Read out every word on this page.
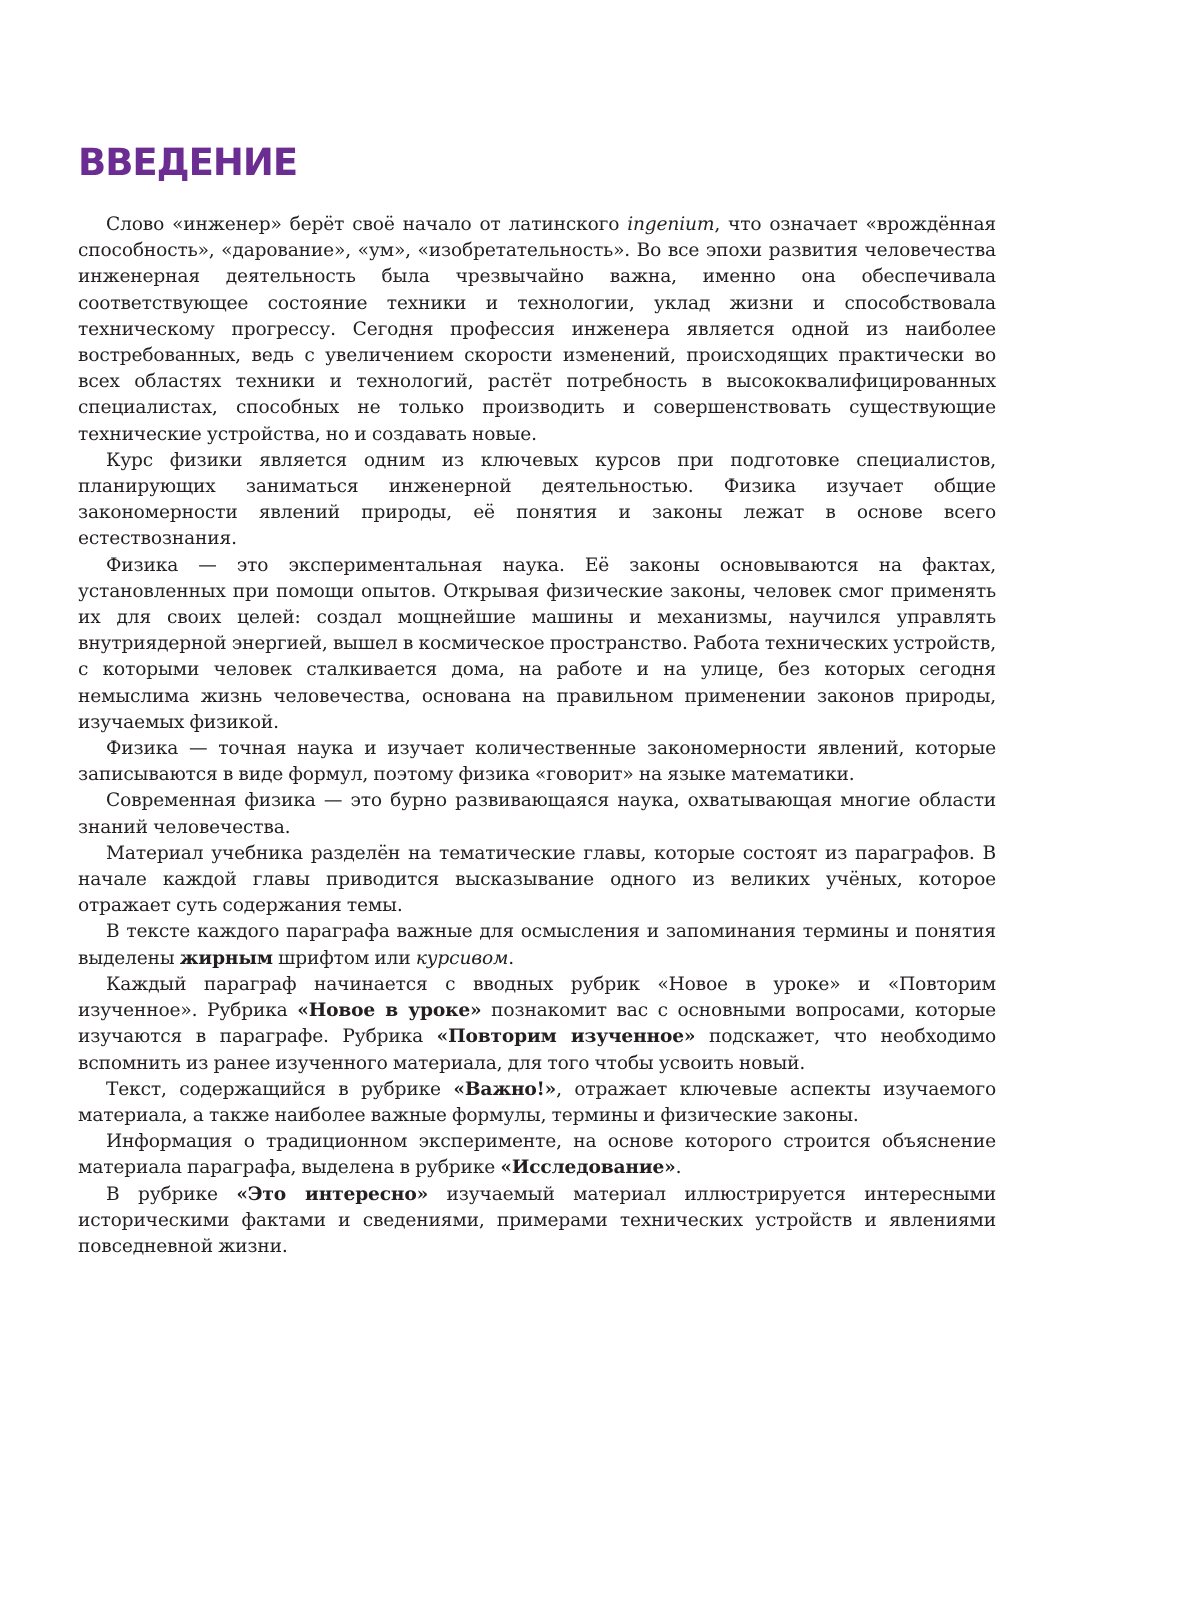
ВВЕДЕНИЕ

Слово «инженер» берёт своё начало от латинского ingenium, что означает «врождённая способность», «дарование», «ум», «изобретательность». Во все эпохи развития человечества инженерная деятельность была чрезвычайно важна, именно она обеспечивала соответствующее состояние техники и технологии, уклад жизни и способствовала техническому прогрессу. Сегодня профессия инженера является одной из наиболее востребованных, ведь с увеличением скорости изменений, происходящих практически во всех областях техники и технологий, растёт потребность в высококвалифицированных специалистах, способных не только производить и совершенствовать существующие технические устройства, но и создавать новые.

Курс физики является одним из ключевых курсов при подготовке специалистов, планирующих заниматься инженерной деятельностью. Физика изучает общие закономерности явлений природы, её понятия и законы лежат в основе всего естествознания.

Физика — это экспериментальная наука. Её законы основываются на фактах, установленных при помощи опытов. Открывая физические законы, человек смог применять их для своих целей: создал мощнейшие машины и механизмы, научился управлять внутриядерной энергией, вышел в космическое пространство. Работа технических устройств, с которыми человек сталкивается дома, на работе и на улице, без которых сегодня немыслима жизнь человечества, основана на правильном применении законов природы, изучаемых физикой.

Физика — точная наука и изучает количественные закономерности явлений, которые записываются в виде формул, поэтому физика «говорит» на языке математики.

Современная физика — это бурно развивающаяся наука, охватывающая многие области знаний человечества.

Материал учебника разделён на тематические главы, которые состоят из параграфов. В начале каждой главы приводится высказывание одного из великих учёных, которое отражает суть содержания темы.

В тексте каждого параграфа важные для осмысления и запоминания термины и понятия выделены жирным шрифтом или курсивом.

Каждый параграф начинается с вводных рубрик «Новое в уроке» и «Повторим изученное». Рубрика «Новое в уроке» познакомит вас с основными вопросами, которые изучаются в параграфе. Рубрика «Повторим изученное» подскажет, что необходимо вспомнить из ранее изученного материала, для того чтобы усвоить новый.

Текст, содержащийся в рубрике «Важно!», отражает ключевые аспекты изучаемого материала, а также наиболее важные формулы, термины и физические законы.

Информация о традиционном эксперименте, на основе которого строится объяснение материала параграфа, выделена в рубрике «Исследование».

В рубрике «Это интересно» изучаемый материал иллюстрируется интересными историческими фактами и сведениями, примерами технических устройств и явлениями повседневной жизни.
